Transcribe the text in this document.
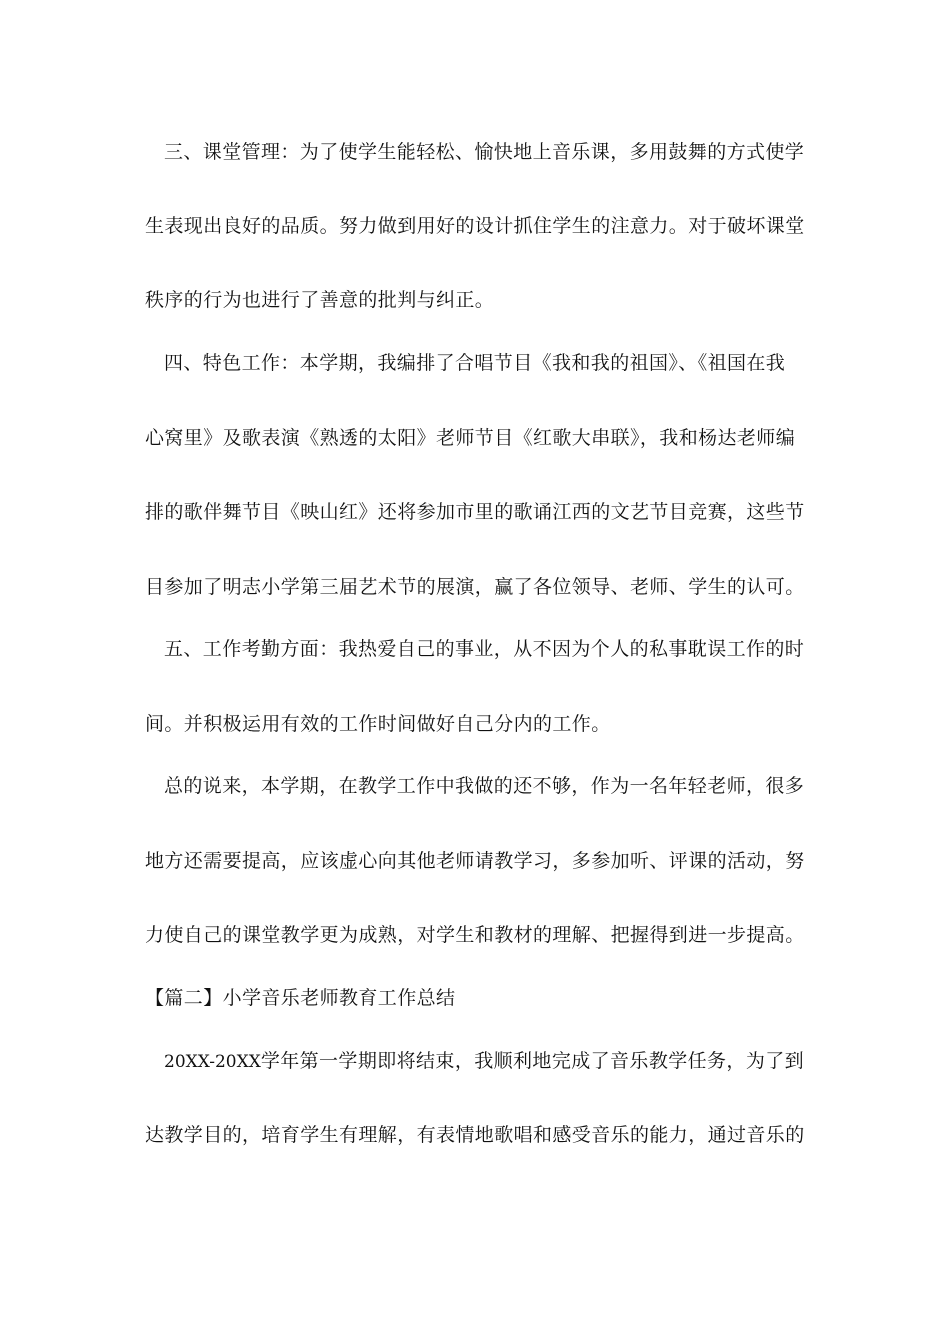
三、课堂管理：为了使学生能轻松、愉快地上音乐课，多用鼓舞的方式使学
生表现出良好的品质。努力做到用好的设计抓住学生的注意力。对于破坏课堂
秩序的行为也进行了善意的批判与纠正。
四、特色工作：本学期，我编排了合唱节目《我和我的祖国》、《祖国在我
心窝里》及歌表演《熟透的太阳》老师节目《红歌大串联》，我和杨达老师编
排的歌伴舞节目《映山红》还将参加市里的歌诵江西的文艺节目竞赛，这些节
目参加了明志小学第三届艺术节的展演，赢了各位领导、老师、学生的认可。
五、工作考勤方面：我热爱自己的事业，从不因为个人的私事耽误工作的时
间。并积极运用有效的工作时间做好自己分内的工作。
总的说来，本学期，在教学工作中我做的还不够，作为一名年轻老师，很多
地方还需要提高，应该虚心向其他老师请教学习，多参加听、评课的活动，努
力使自己的课堂教学更为成熟，对学生和教材的理解、把握得到进一步提高。
【篇二】小学音乐老师教育工作总结
20XX-20XX学年第一学期即将结束，我顺利地完成了音乐教学任务，为了到
达教学目的，培育学生有理解，有表情地歌唱和感受音乐的能力，通过音乐的
